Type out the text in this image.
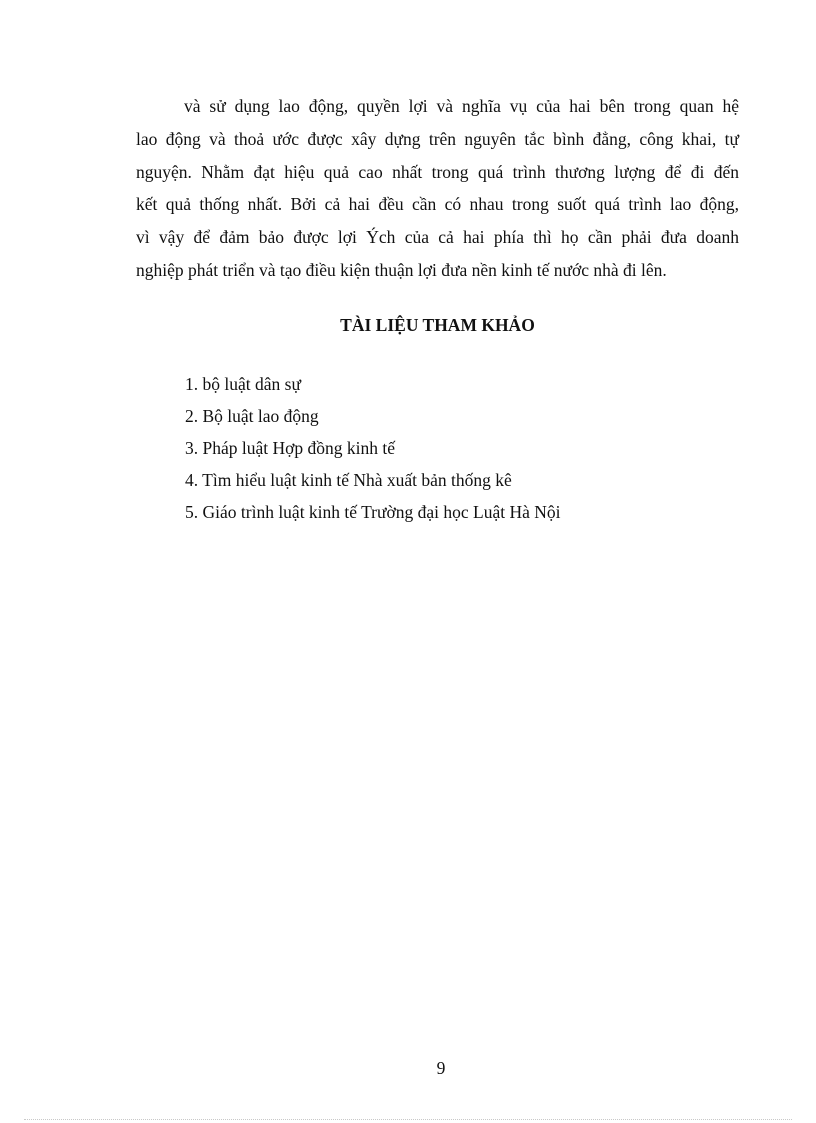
và sử dụng lao động, quyền lợi và nghĩa vụ của hai bên trong quan hệ
lao động và thoả ước được xây dựng trên nguyên tắc bình đẳng, công khai, tự
nguyện. Nhằm đạt hiệu quả cao nhất trong quá trình thương lượng để đi đến
kết quả thống nhất. Bởi cả hai đều cần có nhau trong suốt quá trình lao động,
vì vậy để đảm bảo được lợi Ých của cả hai phía thì họ cần phải đưa doanh
nghiệp phát triển và tạo điều kiện thuận lợi đưa nền kinh tế nước nhà đi lên.
TÀI LIỆU THAM KHẢO
1. bộ luật dân sự
2. Bộ luật lao động
3. Pháp luật Hợp đồng kinh tế
4. Tìm hiểu luật kinh tế Nhà xuất bản thống kê
5. Giáo trình luật kinh tế Trường đại học Luật Hà Nội
9
